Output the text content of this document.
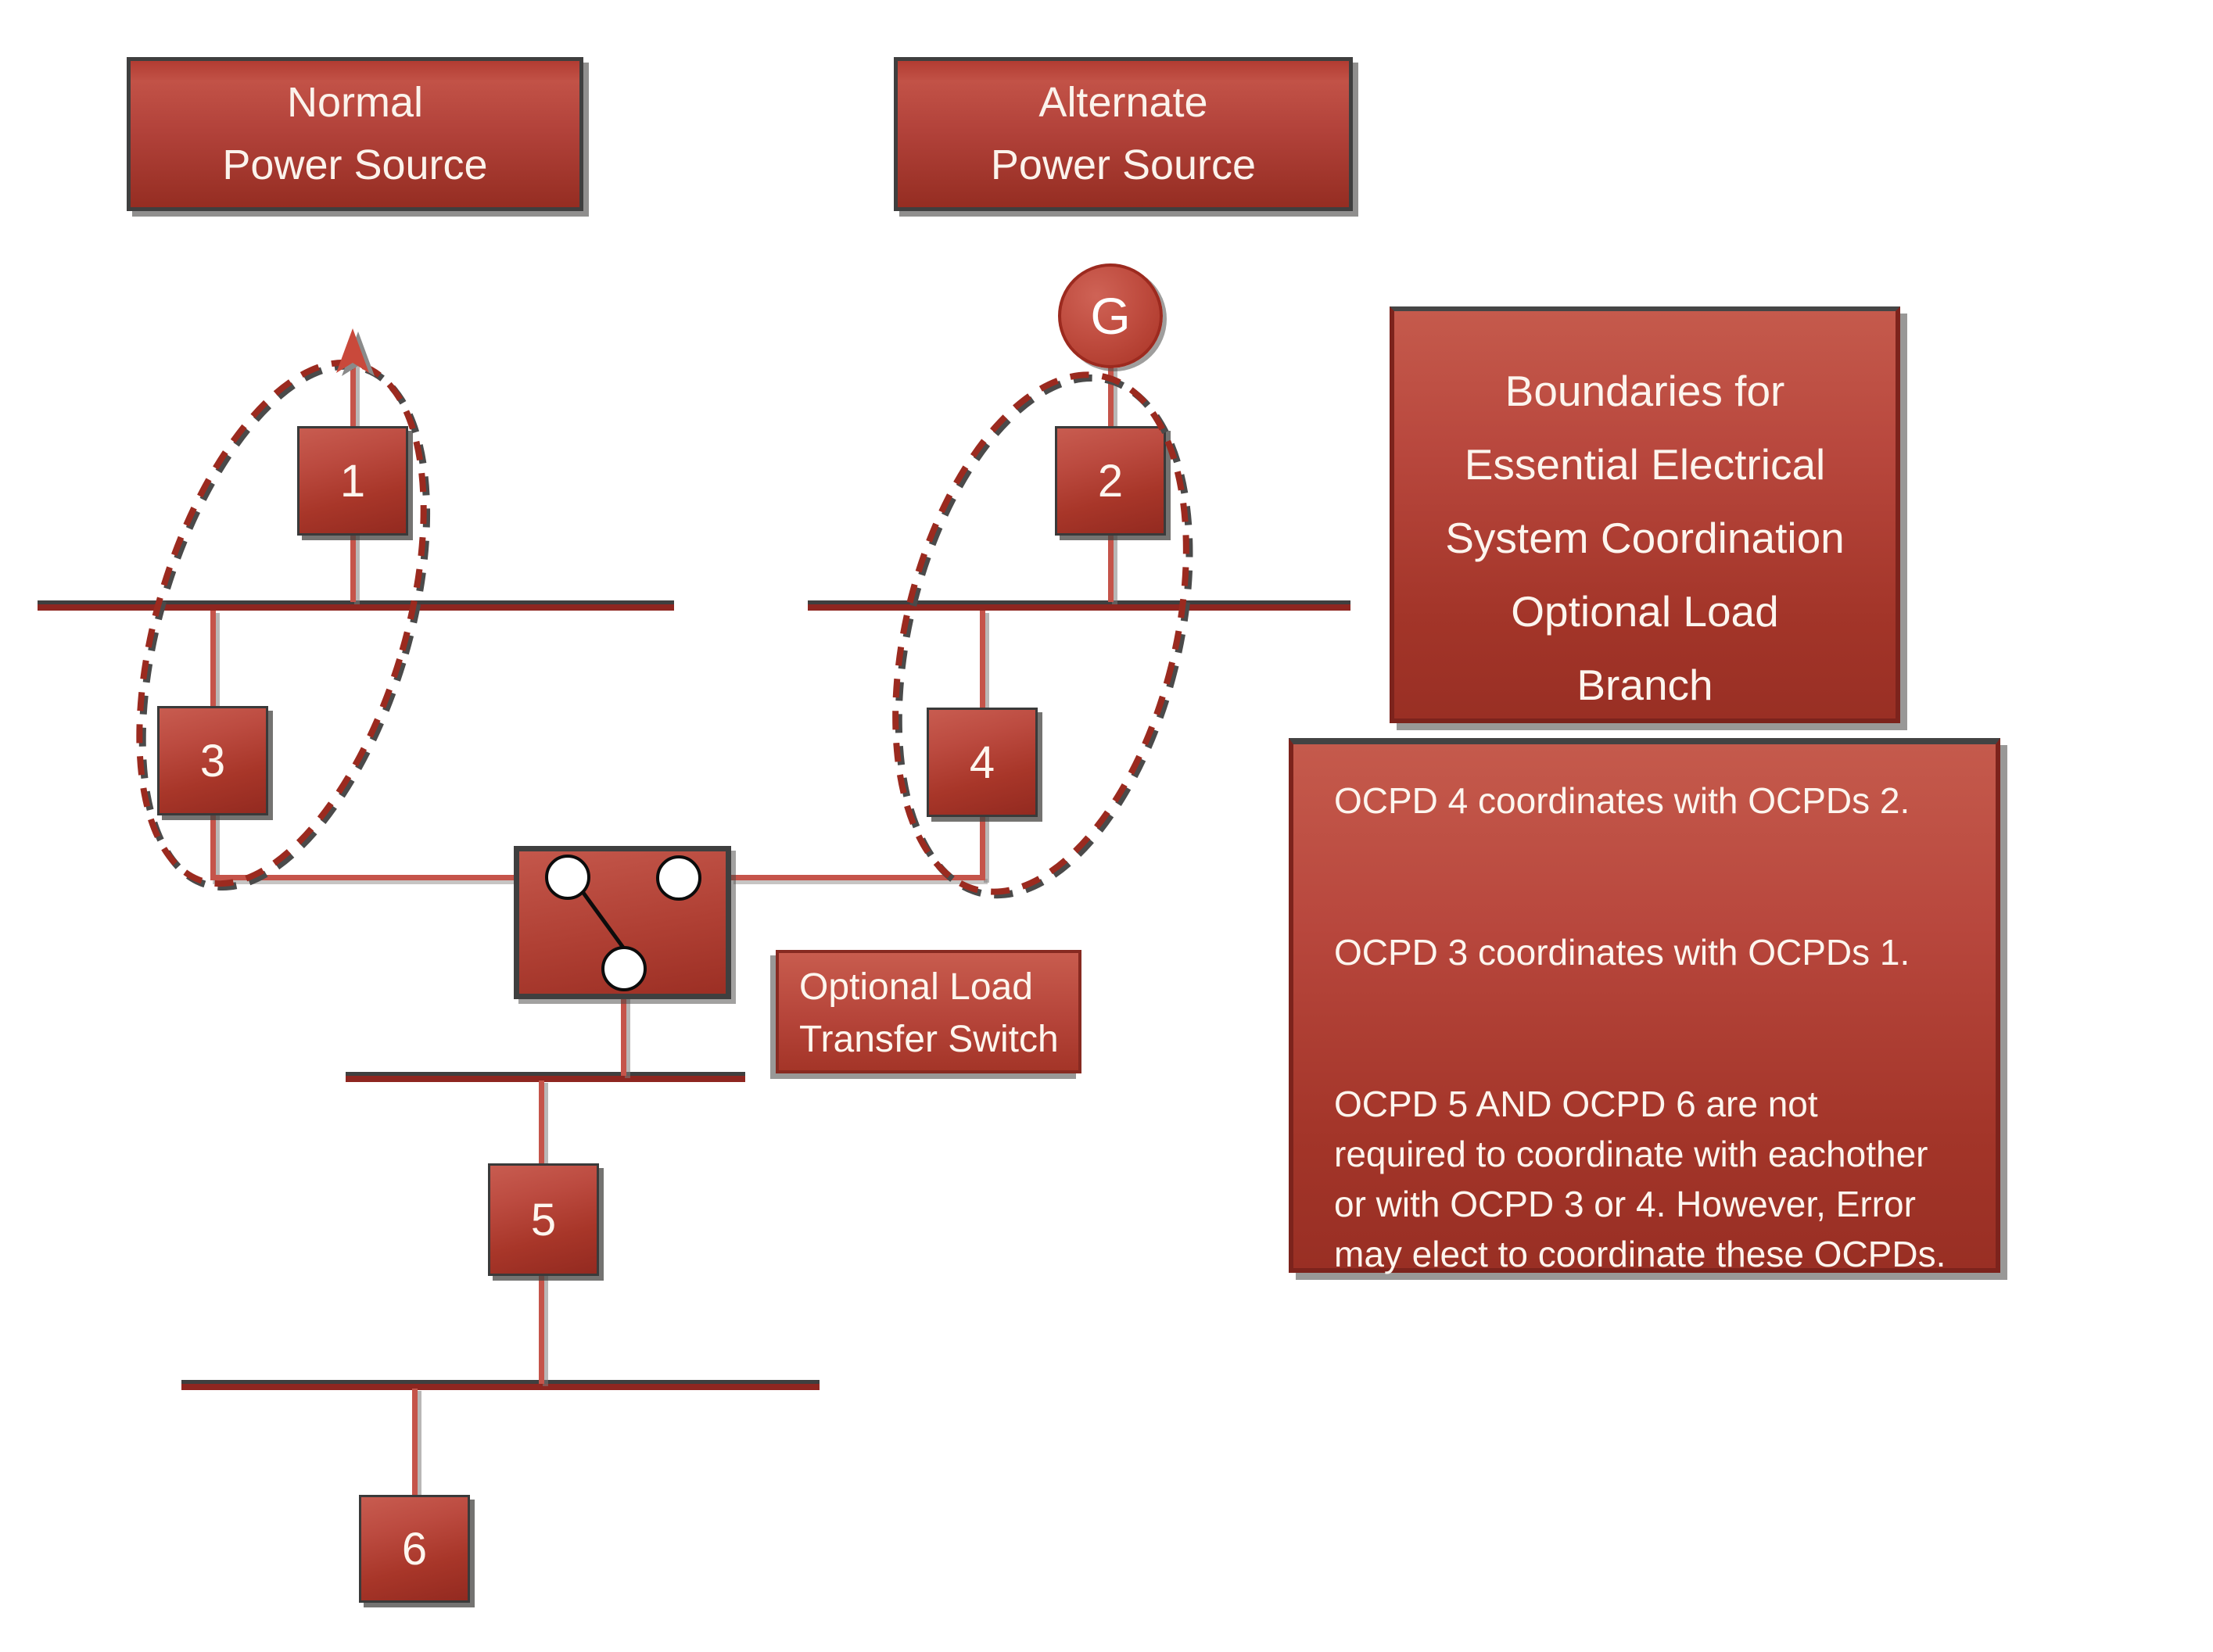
Normal
Power Source
Alternate
Power Source
G
1	2
3	4
5
6
Optional Load
Transfer Switch
Boundaries for
Essential Electrical
System Coordination
Optional Load
Branch

OCPD 4 coordinates with OCPDs 2.

OCPD 3 coordinates with OCPDs 1.

OCPD 5 AND OCPD 6 are not required to coordinate with eachother or with OCPD 3 or 4. However, Error may elect to coordinate these OCPDs.
